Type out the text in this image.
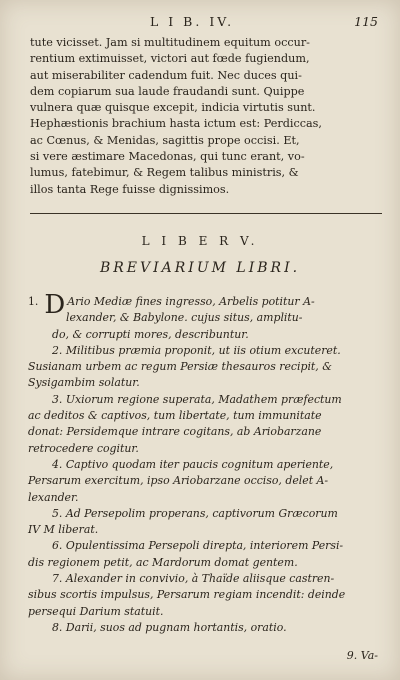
L I B. IV.	115
tute vicisset. Jam si multitudinem equitum occur-
rentium extimuisset, victori aut fœde fugiendum,
aut miserabiliter cadendum fuit. Nec duces qui-
dem copiarum sua laude fraudandi sunt. Quippe
vulnera quæ quisque excepit, indicia virtutis sunt.
Hephæstionis brachium hasta ictum est: Perdiccas,
ac Cœnus, & Menidas, sagittis prope occisi. Et,
si vere æstimare Macedonas, qui tunc erant, vo-
lumus, fatebimur, & Regem talibus ministris, &
illos tanta Rege fuisse dignissimos.
L I B E R V.
BREVIARIUM LIBRI.
1. D Ario Mediæ fines ingresso, Arbelis potitur A-
lexander, & Babylone. cujus situs, amplitu-
do, & corrupti mores, describuntur.
2. Militibus præmia proponit, ut iis otium excuteret.
Susianam urbem ac regum Persiæ thesauros recipit, &
Sysigambim solatur.
3. Uxiorum regione superata, Madathem præfectum
ac deditos & captivos, tum libertate, tum immunitate
donat: Persidemque intrare cogitans, ab Ariobarzane
retrocedere cogitur.
4. Captivo quodam iter paucis cognitum aperiente,
Persarum exercitum, ipso Ariobarzane occiso, delet A-
lexander.
5. Ad Persepolim properans, captivorum Græcorum
IV M liberat.
6. Opulentissima Persepoli direpta, interiorem Persi-
dis regionem petit, ac Mardorum domat gentem.
7. Alexander in convivio, à Thaïde aliisque castren-
sibus scortis impulsus, Persarum regiam incendit: deinde
persequi Darium statuit.
8. Darii, suos ad pugnam hortantis, oratio.
9. Va-
